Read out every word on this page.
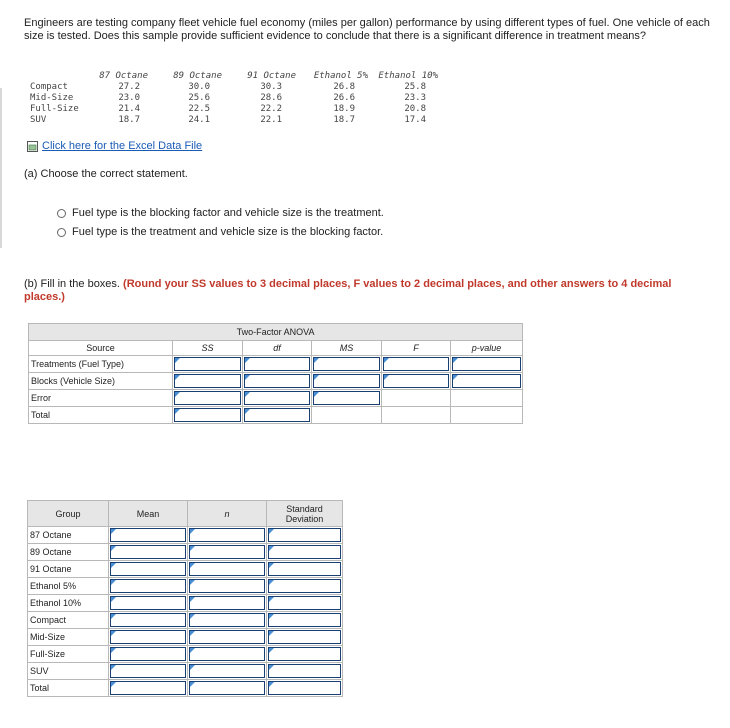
Engineers are testing company fleet vehicle fuel economy (miles per gallon) performance by using different types of fuel. One vehicle of each size is tested. Does this sample provide sufficient evidence to conclude that there is a significant difference in treatment means?
	87 Octane	89 Octane	91 Octane	Ethanol 5%	Ethanol 10%
Compact	27.2	30.0	30.3	26.8	25.8
Mid-Size	23.0	25.6	28.6	26.6	23.3
Full-Size	21.4	22.5	22.2	18.9	20.8
SUV	18.7	24.1	22.1	18.7	17.4
Click here for the Excel Data File
(a) Choose the correct statement.
Fuel type is the blocking factor and vehicle size is the treatment.
Fuel type is the treatment and vehicle size is the blocking factor.
(b) Fill in the boxes. (Round your SS values to 3 decimal places, F values to 2 decimal places, and other answers to 4 decimal places.)
Two-Factor ANOVA					
Source	SS	df	MS	F	p-value
Treatments (Fuel Type)	

Blocks (Vehicle Size)	

Error	

Total	

Group	Mean	n	Standard Deviation
87 Octane	

89 Octane	

91 Octane	

Ethanol 5%	

Ethanol 10%	

Compact	

Mid-Size	

Full-Size	

SUV	

Total	
